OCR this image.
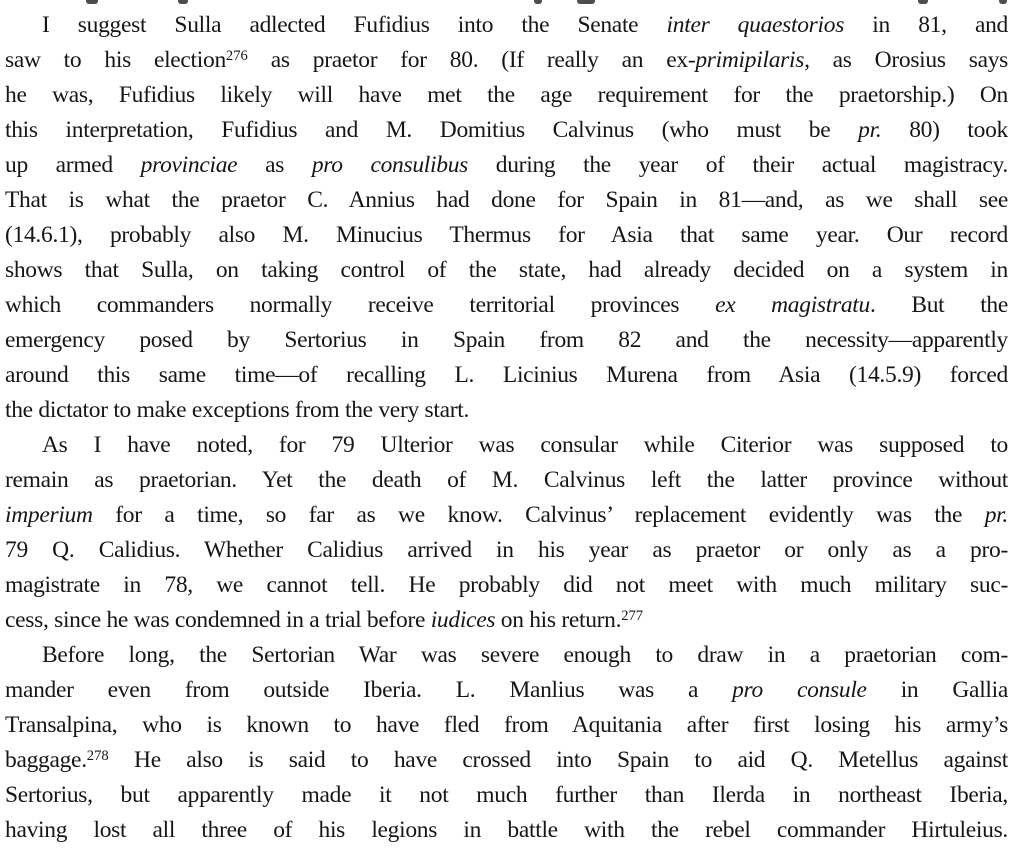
I suggest Sulla adlected Fufidius into the Senate inter quaestorios in 81, and
saw to his election$^{276}$ as praetor for 80. (If really an ex-primipilaris, as Orosius says
he was, Fufidius likely will have met the age requirement for the praetorship.) On
this interpretation, Fufidius and M. Domitius Calvinus (who must be pr. 80) took
up armed provinciae as pro consulibus during the year of their actual magistracy.
That is what the praetor C. Annius had done for Spain in 81—and, as we shall see
(14.6.1), probably also M. Minucius Thermus for Asia that same year. Our record
shows that Sulla, on taking control of the state, had already decided on a system in
which commanders normally receive territorial provinces ex magistratu. But the
emergency posed by Sertorius in Spain from 82 and the necessity—apparently
around this same time—of recalling L. Licinius Murena from Asia (14.5.9) forced
the dictator to make exceptions from the very start.
As I have noted, for 79 Ulterior was consular while Citerior was supposed to
remain as praetorian. Yet the death of M. Calvinus left the latter province without
imperium for a time, so far as we know. Calvinus’ replacement evidently was the pr.
79 Q. Calidius. Whether Calidius arrived in his year as praetor or only as a pro-
magistrate in 78, we cannot tell. He probably did not meet with much military suc-
cess, since he was condemned in a trial before iudices on his return.$^{277}$
Before long, the Sertorian War was severe enough to draw in a praetorian com-
mander even from outside Iberia. L. Manlius was a pro consule in Gallia
Transalpina, who is known to have fled from Aquitania after first losing his army’s
baggage.$^{278}$ He also is said to have crossed into Spain to aid Q. Metellus against
Sertorius, but apparently made it not much further than Ilerda in northeast Iberia,
having lost all three of his legions in battle with the rebel commander Hirtuleius.
